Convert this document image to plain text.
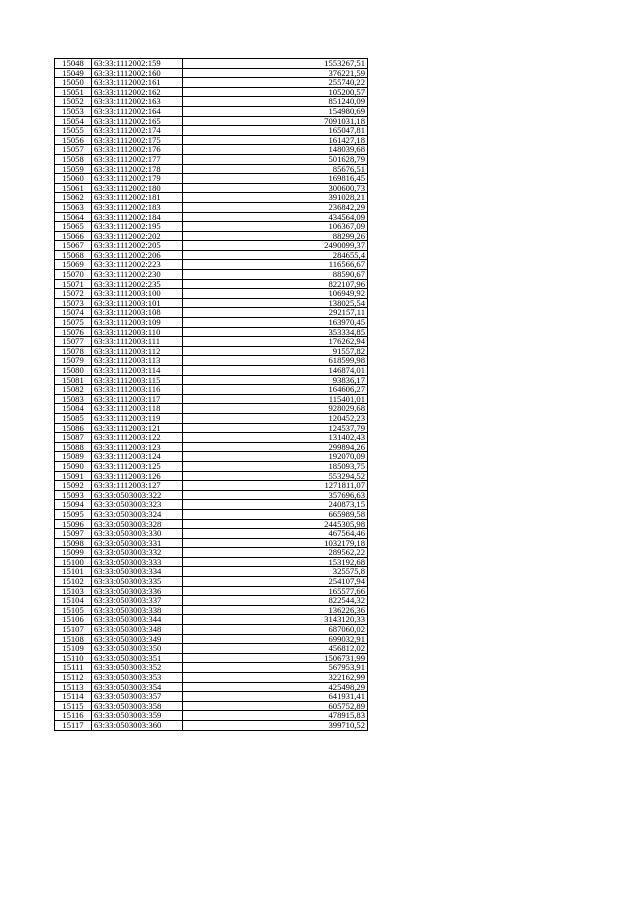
15048	63:33:1112002:159	1553267,51
15049	63:33:1112002:160	376221,59
15050	63:33:1112002:161	255740,22
15051	63:33:1112002:162	105200,57
15052	63:33:1112002:163	851240,09
15053	63:33:1112002:164	154980,69
15054	63:33:1112002:165	7091031,18
15055	63:33:1112002:174	165047,81
15056	63:33:1112002:175	161427,18
15057	63:33:1112002:176	148039,68
15058	63:33:1112002:177	501628,79
15059	63:33:1112002:178	85676,51
15060	63:33:1112002:179	169816,45
15061	63:33:1112002:180	300600,73
15062	63:33:1112002:181	391028,21
15063	63:33:1112002:183	236842,29
15064	63:33:1112002:184	434564,09
15065	63:33:1112002:195	106367,09
15066	63:33:1112002:202	88299,26
15067	63:33:1112002:205	2490099,37
15068	63:33:1112002:206	284655,4
15069	63:33:1112002:223	116566,67
15070	63:33:1112002:230	88590,67
15071	63:33:1112002:235	822107,96
15072	63:33:1112003:100	106949,92
15073	63:33:1112003:101	138025,54
15074	63:33:1112003:108	292157,11
15075	63:33:1112003:109	163970,45
15076	63:33:1112003:110	353334,85
15077	63:33:1112003:111	176262,94
15078	63:33:1112003:112	91557,82
15079	63:33:1112003:113	618599,98
15080	63:33:1112003:114	146874,01
15081	63:33:1112003:115	93836,17
15082	63:33:1112003:116	164606,27
15083	63:33:1112003:117	115401,01
15084	63:33:1112003:118	928029,68
15085	63:33:1112003:119	120452,23
15086	63:33:1112003:121	124537,79
15087	63:33:1112003:122	131402,43
15088	63:33:1112003:123	299894,26
15089	63:33:1112003:124	192070,09
15090	63:33:1112003:125	185093,75
15091	63:33:1112003:126	553294,52
15092	63:33:1112003:127	1271811,07
15093	63:33:0503003:322	357696,63
15094	63:33:0503003:323	240873,15
15095	63:33:0503003:324	665989,58
15096	63:33:0503003:328	2445305,98
15097	63:33:0503003:330	467564,46
15098	63:33:0503003:331	1032179,18
15099	63:33:0503003:332	289562,22
15100	63:33:0503003:333	153192,68
15101	63:33:0503003:334	325575,8
15102	63:33:0503003:335	254107,94
15103	63:33:0503003:336	165577,66
15104	63:33:0503003:337	822544,32
15105	63:33:0503003:338	136226,36
15106	63:33:0503003:344	3143120,33
15107	63:33:0503003:348	687060,02
15108	63:33:0503003:349	699032,91
15109	63:33:0503003:350	456812,02
15110	63:33:0503003:351	1506731,99
15111	63:33:0503003:352	567953,91
15112	63:33:0503003:353	322162,99
15113	63:33:0503003:354	425498,29
15114	63:33:0503003:357	641931,41
15115	63:33:0503003:358	605752,89
15116	63:33:0503003:359	478915,83
15117	63:33:0503003:360	399710,52
